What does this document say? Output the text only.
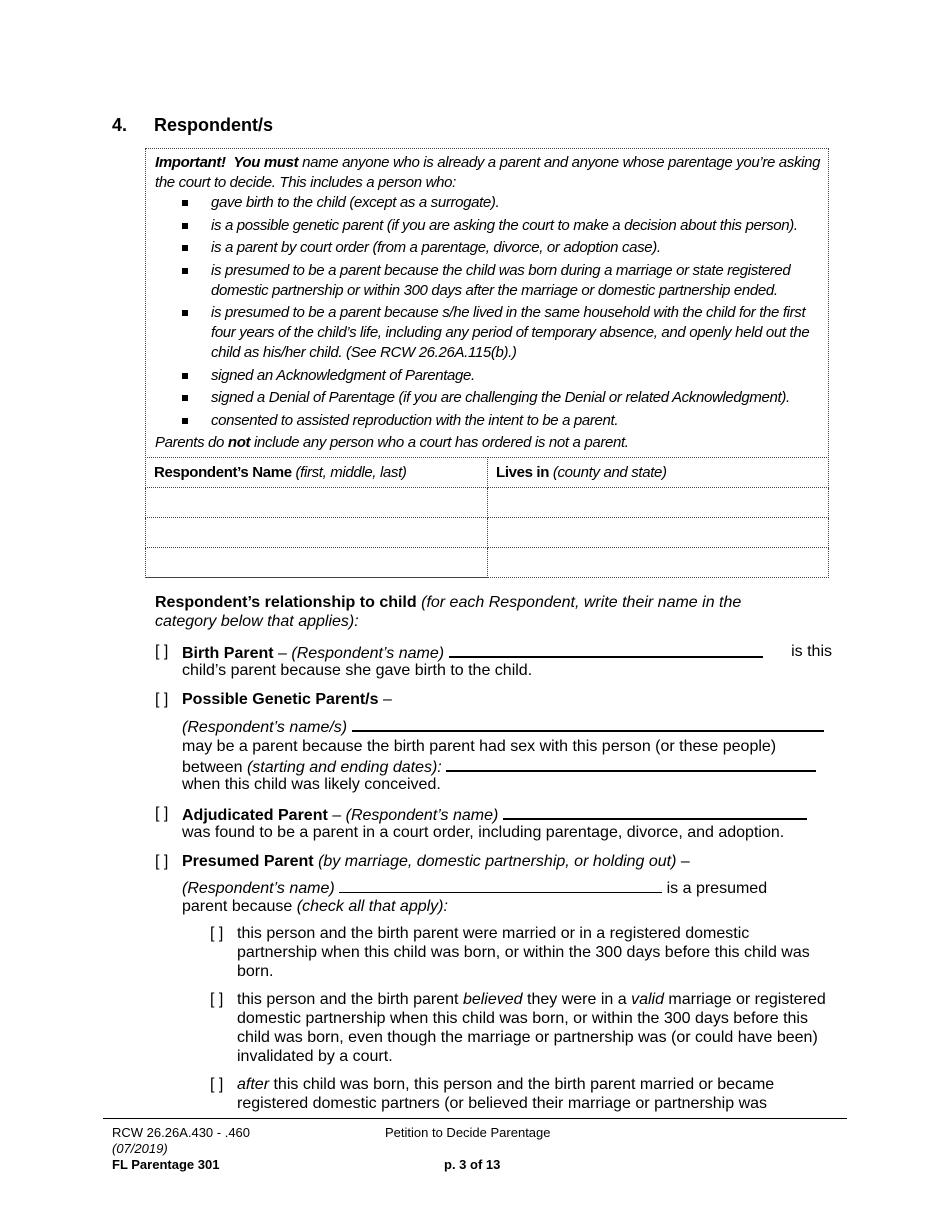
4. Respondent/s
Important! You must name anyone who is already a parent and anyone whose parentage you’re asking the court to decide. This includes a person who:
gave birth to the child (except as a surrogate).
is a possible genetic parent (if you are asking the court to make a decision about this person).
is a parent by court order (from a parentage, divorce, or adoption case).
is presumed to be a parent because the child was born during a marriage or state registered domestic partnership or within 300 days after the marriage or domestic partnership ended.
is presumed to be a parent because s/he lived in the same household with the child for the first four years of the child’s life, including any period of temporary absence, and openly held out the child as his/her child. (See RCW 26.26A.115(b).)
signed an Acknowledgment of Parentage.
signed a Denial of Parentage (if you are challenging the Denial or related Acknowledgment).
consented to assisted reproduction with the intent to be a parent.
Parents do not include any person who a court has ordered is not a parent.
Respondent’s Name (first, middle, last)	Lives in (county and state)

Respondent’s relationship to child (for each Respondent, write their name in the category below that applies):
[ ] Birth Parent – (Respondent’s name)	is this
child’s parent because she gave birth to the child.
[ ] Possible Genetic Parent/s –
(Respondent’s name/s)
may be a parent because the birth parent had sex with this person (or these people)
between (starting and ending dates):
when this child was likely conceived.
[ ] Adjudicated Parent – (Respondent’s name)
was found to be a parent in a court order, including parentage, divorce, and adoption.
[ ] Presumed Parent (by marriage, domestic partnership, or holding out) –
(Respondent’s name)	is a presumed
parent because (check all that apply):
[ ] this person and the birth parent were married or in a registered domestic partnership when this child was born, or within the 300 days before this child was born.
[ ] this person and the birth parent believed they were in a valid marriage or registered domestic partnership when this child was born, or within the 300 days before this child was born, even though the marriage or partnership was (or could have been) invalidated by a court.
[ ] after this child was born, this person and the birth parent married or became registered domestic partners (or believed their marriage or partnership was
RCW 26.26A.430 - .460
(07/2019)
FL Parentage 301
Petition to Decide Parentage
p. 3 of 13
